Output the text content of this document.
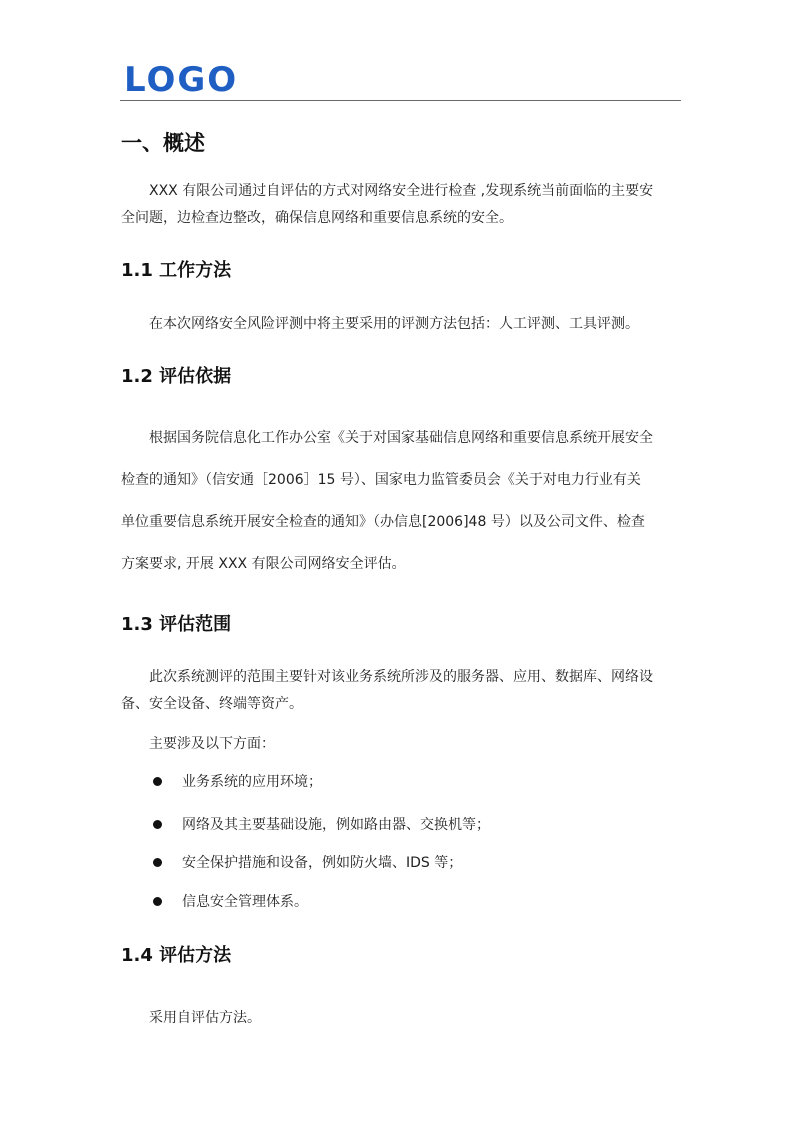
LOGO
一、概述
XXX 有限公司通过自评估的方式对网络安全进行检查 ,发现系统当前面临的主要安
全问题，边检查边整改，确保信息网络和重要信息系统的安全。
1.1 工作方法
在本次网络安全风险评测中将主要采用的评测方法包括：人工评测、工具评测。
1.2 评估依据
根据国务院信息化工作办公室《关于对国家基础信息网络和重要信息系统开展安全
检查的通知》（信安通［2006］15 号）、国家电力监管委员会《关于对电力行业有关
单位重要信息系统开展安全检查的通知》（办信息[2006]48 号）以及公司文件、检查
方案要求, 开展 XXX 有限公司网络安全评估。
1.3 评估范围
此次系统测评的范围主要针对该业务系统所涉及的服务器、应用、数据库、网络设
备、安全设备、终端等资产。
主要涉及以下方面：
业务系统的应用环境；
网络及其主要基础设施，例如路由器、交换机等；
安全保护措施和设备，例如防火墙、IDS 等；
信息安全管理体系。
1.4 评估方法
采用自评估方法。
